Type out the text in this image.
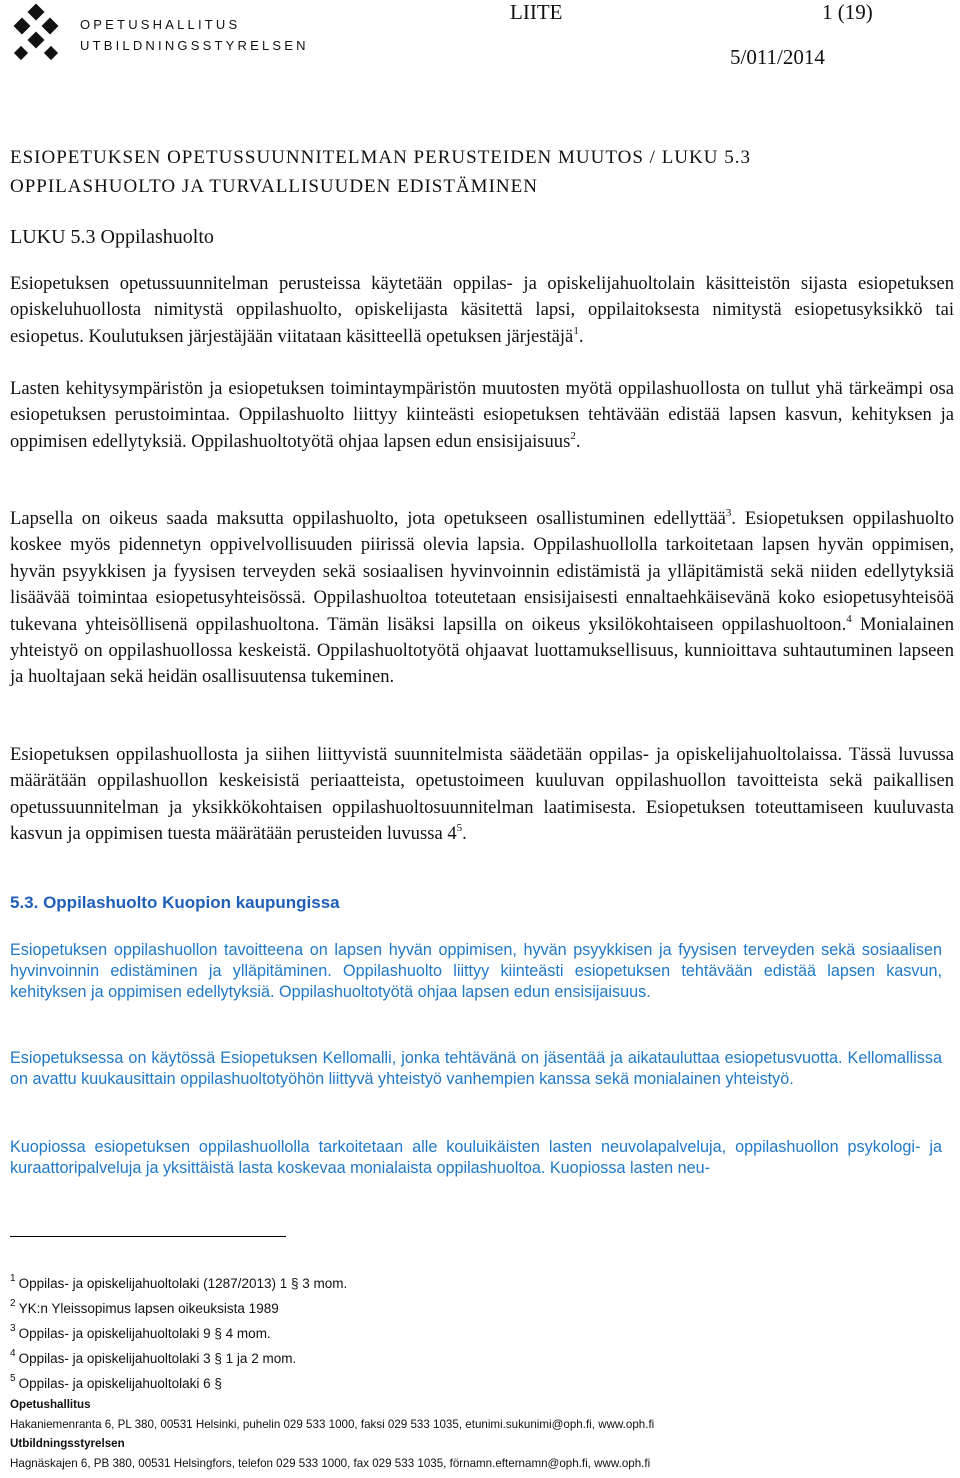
OPETUSHALLITUS
UTBILDNINGSSTYRELSEN
LIITE	1 (19)
5/011/2014
ESIOPETUKSEN OPETUSSUUNNITELMAN PERUSTEIDEN MUUTOS / LUKU 5.3
OPPILASHUOLTO JA TURVALLISUUDEN EDISTÄMINEN
LUKU 5.3 Oppilashuolto
Esiopetuksen opetussuunnitelman perusteissa käytetään oppilas- ja opiskelijahuoltolain käsitteistön sijasta esiopetuksen opiskeluhuollosta nimitystä oppilashuolto, opiskelijasta käsitettä lapsi, oppilaitoksesta nimitystä esiopetusyksikkö tai esiopetus. Koulutuksen järjestäjään viitataan käsitteellä opetuksen järjestäjä$^1$.
Lasten kehitysympäristön ja esiopetuksen toimintaympäristön muutosten myötä oppilashuollosta on tullut yhä tärkeämpi osa esiopetuksen perustoimintaa. Oppilashuolto liittyy kiinteästi esiopetuksen tehtävään edistää lapsen kasvun, kehityksen ja oppimisen edellytyksiä. Oppilashuoltotyötä ohjaa lapsen edun ensisijaisuus$^2$.
Lapsella on oikeus saada maksutta oppilashuolto, jota opetukseen osallistuminen edellyttää$^3$. Esiopetuksen oppilashuolto koskee myös pidennetyn oppivelvollisuuden piirissä olevia lapsia. Oppilashuollolla tarkoitetaan lapsen hyvän oppimisen, hyvän psyykkisen ja fyysisen terveyden sekä sosiaalisen hyvinvoinnin edistämistä ja ylläpitämistä sekä niiden edellytyksiä lisäävää toimintaa esiopetusyhteisössä. Oppilashuoltoa toteutetaan ensisijaisesti ennaltaehkäisevänä koko esiopetusyhteisöä tukevana yhteisöllisenä oppilashuoltona. Tämän lisäksi lapsilla on oikeus yksilökohtaiseen oppilashuoltoon.$^4$ Monialainen yhteistyö on oppilashuollossa keskeistä. Oppilashuoltotyötä ohjaavat luottamuksellisuus, kunnioittava suhtautuminen lapseen ja huoltajaan sekä heidän osallisuutensa tukeminen.
Esiopetuksen oppilashuollosta ja siihen liittyvistä suunnitelmista säädetään oppilas- ja opiskelijahuoltolaissa. Tässä luvussa määrätään oppilashuollon keskeisistä periaatteista, opetustoimeen kuuluvan oppilashuollon tavoitteista sekä paikallisen opetussuunnitelman ja yksikkökohtaisen oppilashuoltosuunnitelman laatimisesta. Esiopetuksen toteuttamiseen kuuluvasta kasvun ja oppimisen tuesta määrätään perusteiden luvussa $4^5$.
5.3. Oppilashuolto Kuopion kaupungissa
Esiopetuksen oppilashuollon tavoitteena on lapsen hyvän oppimisen, hyvän psyykkisen ja fyysisen terveyden sekä sosiaalisen hyvinvoinnin edistäminen ja ylläpitäminen. Oppilashuolto liittyy kiinteästi esiopetuksen tehtävään edistää lapsen kasvun, kehityksen ja oppimisen edellytyksiä. Oppilashuoltotyötä ohjaa lapsen edun ensisijaisuus.
Esiopetuksessa on käytössä Esiopetuksen Kellomalli, jonka tehtävänä on jäsentää ja aikatauluttaa esiopetusvuotta. Kellomallissa on avattu kuukausittain oppilashuoltotyöhön liittyvä yhteistyö vanhempien kanssa sekä monialainen yhteistyö.
Kuopiossa esiopetuksen oppilashuollolla tarkoitetaan alle kouluikäisten lasten neuvolapalveluja, oppilashuollon psykologi- ja kuraattoripalveluja ja yksittäistä lasta koskevaa monialaista oppilashuoltoa. Kuopiossa lasten neu-
$^1$ Oppilas- ja opiskelijahuoltolaki (1287/2013) 1 § 3 mom.
$^2$ YK:n Yleissopimus lapsen oikeuksista 1989
$^3$ Oppilas- ja opiskelijahuoltolaki 9 § 4 mom.
$^4$ Oppilas- ja opiskelijahuoltolaki 3 § 1 ja 2 mom.
$^5$ Oppilas- ja opiskelijahuoltolaki 6 §
Opetushallitus
Hakaniemenranta 6, PL 380, 00531 Helsinki, puhelin 029 533 1000, faksi 029 533 1035, etunimi.sukunimi@oph.fi, www.oph.fi
Utbildningsstyrelsen
Hagnäskajen 6, PB 380, 00531 Helsingfors, telefon 029 533 1000, fax 029 533 1035, förnamn.efternamn@oph.fi, www.oph.fi
